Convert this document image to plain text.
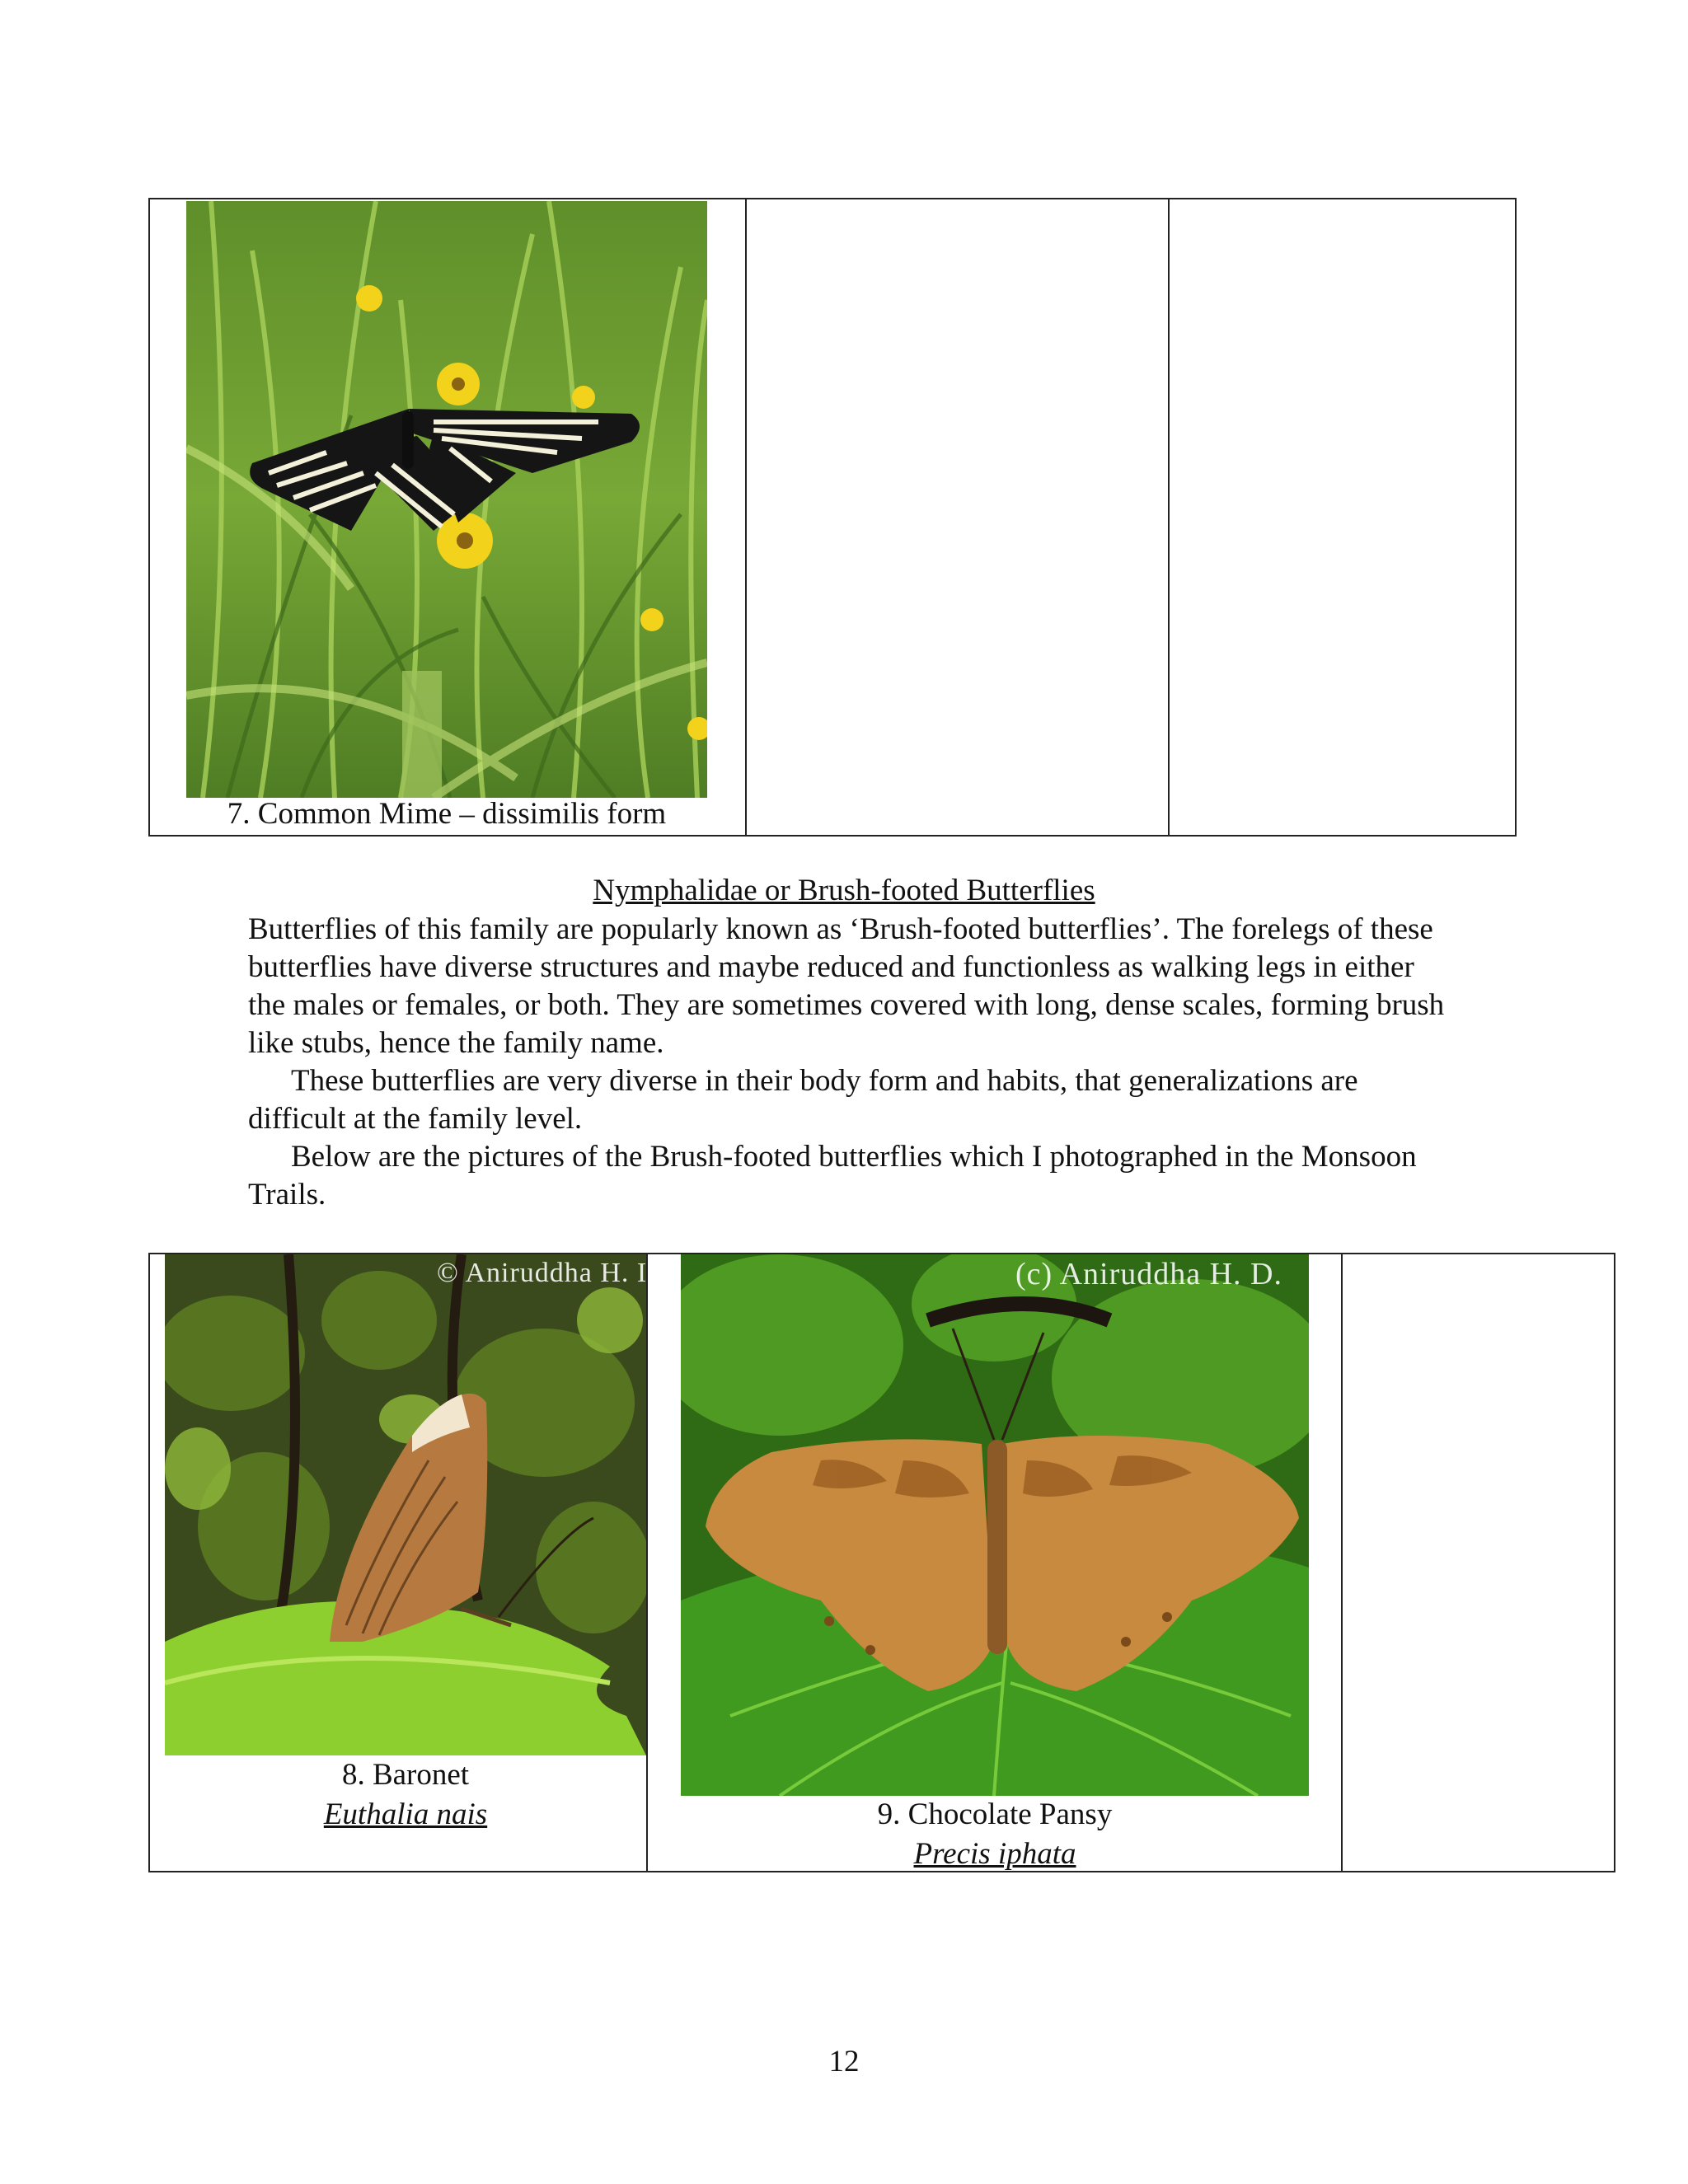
7. Common Mime – dissimilis form
Nymphalidae or Brush-footed Butterflies

Butterflies of this family are popularly known as ‘Brush-footed butterflies’. The forelegs of these butterflies have diverse structures and maybe reduced and functionless as walking legs in either the males or females, or both. They are sometimes covered with long, dense scales, forming brush like stubs, hence the family name.

These butterflies are very diverse in their body form and habits, that generalizations are difficult at the family level.

Below are the pictures of the Brush-footed butterflies which I photographed in the Monsoon Trails.

© Aniruddha H. I
8. Baronet
Euthalia nais
(c) Aniruddha H. D.
9. Chocolate Pansy
Precis iphata
12
